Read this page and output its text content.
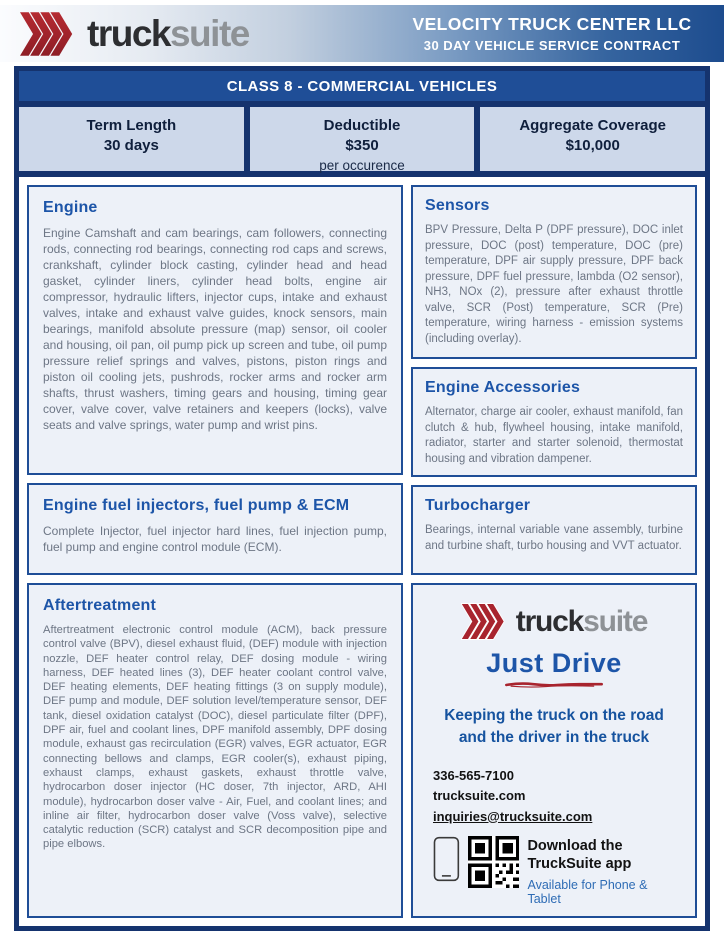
trucksuite	VELOCITY TRUCK CENTER LLC
30 DAY VEHICLE SERVICE CONTRACT
CLASS 8 - COMMERCIAL VEHICLES
Term Length
30 days
Deductible
$350
per occurence
Aggregate Coverage
$10,000
Engine

Engine Camshaft and cam bearings, cam followers, connecting rods, connecting rod bearings, connecting rod caps and screws, crankshaft, cylinder block casting, cylinder head and head gasket, cylinder liners, cylinder head bolts, engine air compressor, hydraulic lifters, injector cups, intake and exhaust valves, intake and exhaust valve guides, knock sensors, main bearings, manifold absolute pressure (map) sensor, oil cooler and housing, oil pan, oil pump pick up screen and tube, oil pump pressure relief springs and valves, pistons, piston rings and piston oil cooling jets, pushrods, rocker arms and rocker arm shafts, thrust washers, timing gears and housing, timing gear cover, valve cover, valve retainers and keepers (locks), valve seats and valve springs, water pump and wrist pins.

Engine fuel injectors, fuel pump & ECM

Complete Injector, fuel injector hard lines, fuel injection pump, fuel pump and engine control module (ECM).

Aftertreatment

Aftertreatment electronic control module (ACM), back pressure control valve (BPV), diesel exhaust fluid, (DEF) module with injection nozzle, DEF heater control relay, DEF dosing module - wiring harness, DEF heated lines (3), DEF heater coolant control valve, DEF heating elements, DEF heating fittings (3 on supply module), DEF pump and module, DEF solution level/temperature sensor, DEF tank, diesel oxidation catalyst (DOC), diesel particulate filter (DPF), DPF air, fuel and coolant lines, DPF manifold assembly, DPF dosing module, exhaust gas recirculation (EGR) valves, EGR actuator, EGR connecting bellows and clamps, EGR cooler(s), exhaust piping, exhaust clamps, exhaust gaskets, exhaust throttle valve, hydrocarbon doser injector (HC doser, 7th injector, ARD, AHI module), hydrocarbon doser valve - Air, Fuel, and coolant lines; and inline air filter, hydrocarbon doser valve (Voss valve), selective catalytic reduction (SCR) catalyst and SCR decomposition pipe and pipe elbows.

Sensors

BPV Pressure, Delta P (DPF pressure), DOC inlet pressure, DOC (post) temperature, DOC (pre) temperature, DPF air supply pressure, DPF back pressure, DPF fuel pressure, lambda (O2 sensor), NH3, NOx (2), pressure after exhaust throttle valve, SCR (Post) temperature, SCR (Pre) temperature, wiring harness - emission systems (including overlay).

Engine Accessories

Alternator, charge air cooler, exhaust manifold, fan clutch & hub, flywheel housing, intake manifold, radiator, starter and starter solenoid, thermostat housing and vibration dampener.

Turbocharger

Bearings, internal variable vane assembly, turbine and turbine shaft, turbo housing and VVT actuator.

trucksuite
Just Drive
Keeping the truck on the road
and the driver in the truck
336-565-7100
trucksuite.com
inquiries@trucksuite.com
Download the
TruckSuite app
Available for Phone & Tablet
